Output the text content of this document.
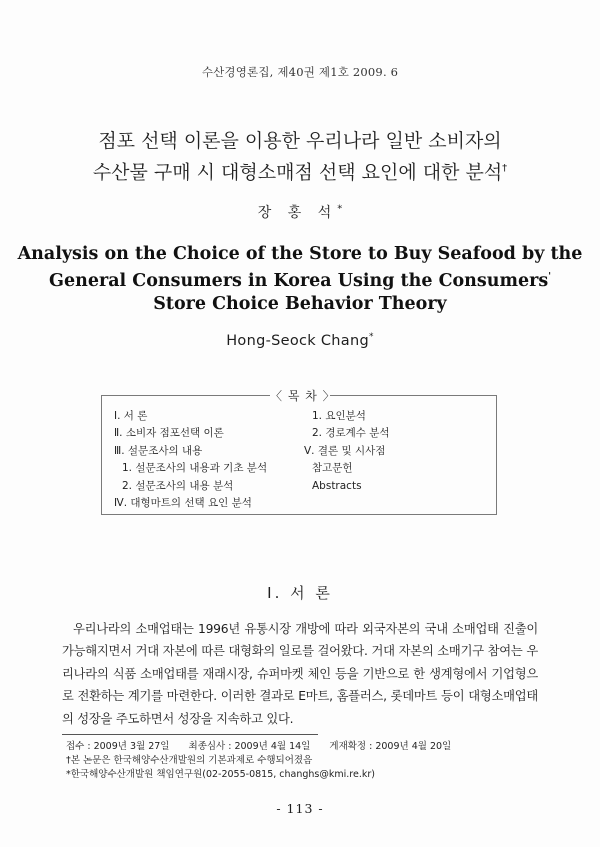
수산경영론집, 제40권 제1호 2009. 6
점포 선택 이론을 이용한 우리나라 일반 소비자의
수산물 구매 시 대형소매점 선택 요인에 대한 분석†
장 홍 석*
Analysis on the Choice of the Store to Buy Seafood by the
General Consumers in Korea Using the Consumers'
Store Choice Behavior Theory
Hong-Seock Chang*
〈 목 차 〉
Ⅰ. 서 론
Ⅱ. 소비자 점포선택 이론
Ⅲ. 설문조사의 내용
1. 설문조사의 내용과 기초 분석
2. 설문조사의 내용 분석
Ⅳ. 대형마트의 선택 요인 분석
1. 요인분석
2. 경로계수 분석
Ⅴ. 결론 및 시사점
참고문헌
Abstracts
Ⅰ. 서 론
우리나라의 소매업태는 1996년 유통시장 개방에 따라 외국자본의 국내 소매업태 진출이 가능해지면서 거대 자본에 따른 대형화의 일로를 걸어왔다. 거대 자본의 소매기구 참여는 우리나라의 식품 소매업태를 재래시장, 슈퍼마켓 체인 등을 기반으로 한 생계형에서 기업형으로 전환하는 계기를 마련한다. 이러한 결과로 E마트, 홈플러스, 롯데마트 등이 대형소매업태의 성장을 주도하면서 성장을 지속하고 있다.
접수 : 2009년 3월 27일 최종심사 : 2009년 4월 14일 게재확정 : 2009년 4월 20일
†본 논문은 한국해양수산개발원의 기본과제로 수행되어졌음
*한국해양수산개발원 책임연구원(02-2055-0815, changhs@kmi.re.kr)
- 113 -
